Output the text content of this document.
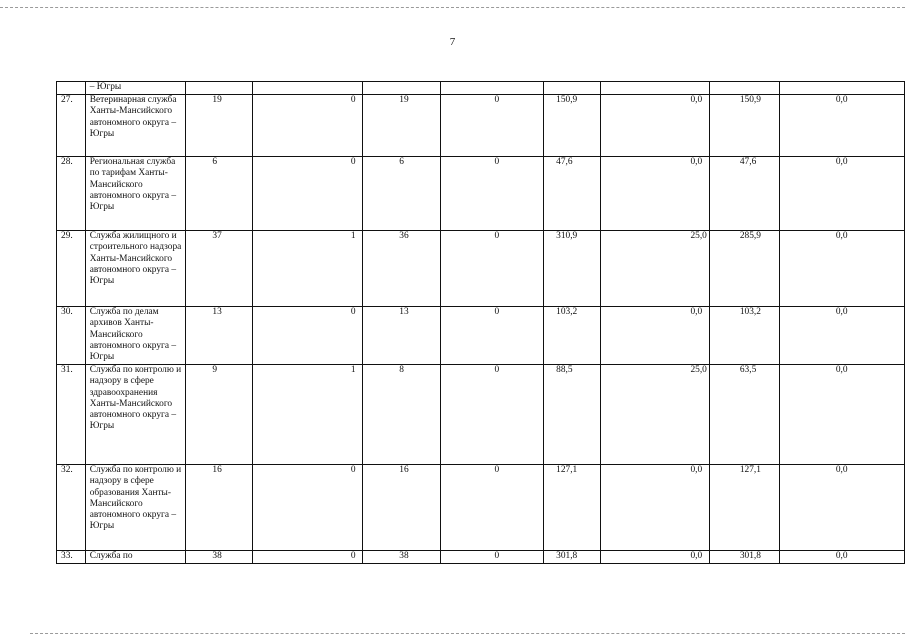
7
	– Югры								
27.	Ветеринарная служба Ханты-Мансийского автономного округа – Югры	19	0	19	0	150,9	0,0	150,9	0,0
28.	Региональная служба по тарифам Ханты-Мансийского автономного округа – Югры	6	0	6	0	47,6	0,0	47,6	0,0
29.	Служба жилищного и строительного надзора Ханты-Мансийского автономного округа – Югры	37	1	36	0	310,9	25,0	285,9	0,0
30.	Служба по делам архивов Ханты-Мансийского автономного округа – Югры	13	0	13	0	103,2	0,0	103,2	0,0
31.	Служба по контролю и надзору в сфере здравоохранения Ханты-Мансийского автономного округа – Югры	9	1	8	0	88,5	25,0	63,5	0,0
32.	Служба по контролю и надзору в сфере образования Ханты-Мансийского автономного округа – Югры	16	0	16	0	127,1	0,0	127,1	0,0
33.	Служба по	38	0	38	0	301,8	0,0	301,8	0,0
